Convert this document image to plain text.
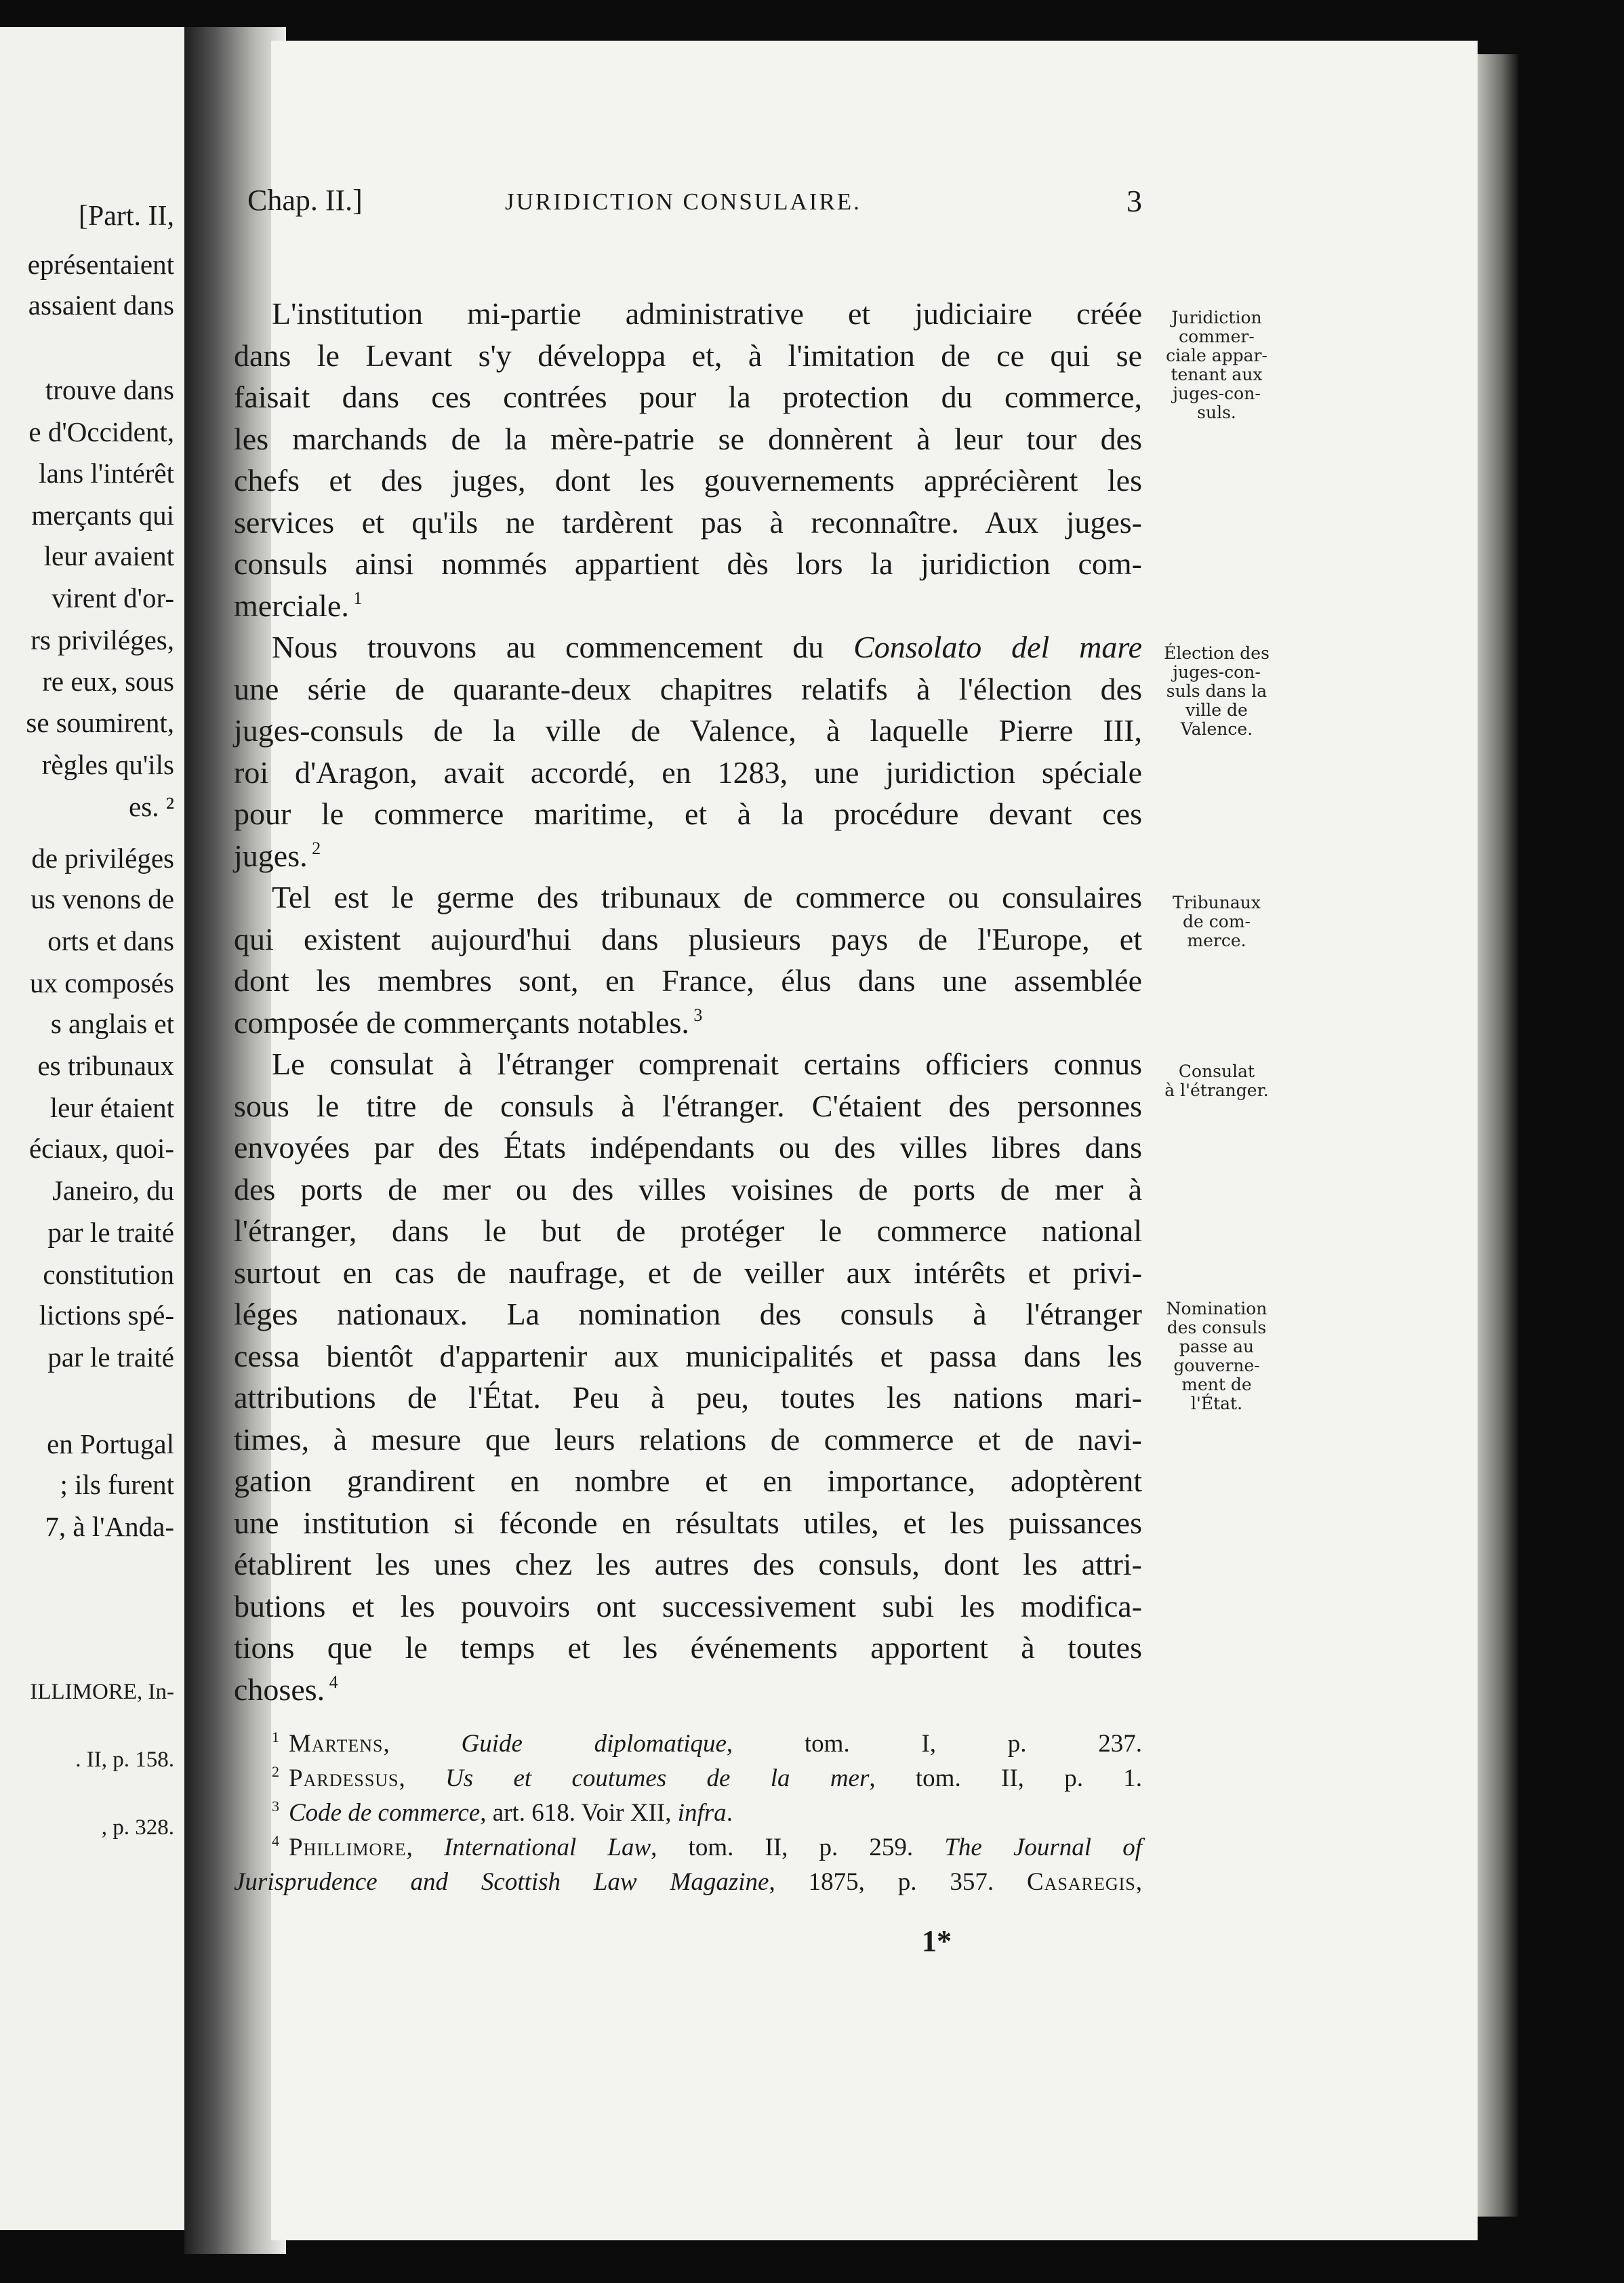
[Part. II,
eprésentaient
assaient dans
trouve dans
e d'Occident,
lans l'intérêt
merçants qui
leur avaient
virent d'or-
rs priviléges,
re eux, sous
se soumirent,
règles qu'ils
es. ²
de priviléges
us venons de
orts et dans
ux composés
s anglais et
es tribunaux
leur étaient
éciaux, quoi-
Janeiro, du
par le traité
constitution
lictions spé-
par le traité
en Portugal
; ils furent
7, à l'Anda-
ILLIMORE, In-
. II, p. 158.
, p. 328.
Chap. II.]	JURIDICTION CONSULAIRE.	3
L'institution mi-partie administrative et judiciaire créée
dans le Levant s'y développa et, à l'imitation de ce qui se
faisait dans ces contrées pour la protection du commerce,
les marchands de la mère-patrie se donnèrent à leur tour des
chefs et des juges, dont les gouvernements apprécièrent les
services et qu'ils ne tardèrent pas à reconnaître. Aux juges-
consuls ainsi nommés appartient dès lors la juridiction com-
merciale. $^1$
Nous trouvons au commencement du Consolato del mare
une série de quarante-deux chapitres relatifs à l'élection des
juges-consuls de la ville de Valence, à laquelle Pierre III,
roi d'Aragon, avait accordé, en 1283, une juridiction spéciale
pour le commerce maritime, et à la procédure devant ces
juges. $^2$
Tel est le germe des tribunaux de commerce ou consulaires
qui existent aujourd'hui dans plusieurs pays de l'Europe, et
dont les membres sont, en France, élus dans une assemblée
composée de commerçants notables. $^3$
Le consulat à l'étranger comprenait certains officiers connus
sous le titre de consuls à l'étranger. C'étaient des personnes
envoyées par des États indépendants ou des villes libres dans
des ports de mer ou des villes voisines de ports de mer à
l'étranger, dans le but de protéger le commerce national
surtout en cas de naufrage, et de veiller aux intérêts et privi-
léges nationaux. La nomination des consuls à l'étranger
cessa bientôt d'appartenir aux municipalités et passa dans les
attributions de l'État. Peu à peu, toutes les nations mari-
times, à mesure que leurs relations de commerce et de navi-
gation grandirent en nombre et en importance, adoptèrent
une institution si féconde en résultats utiles, et les puissances
établirent les unes chez les autres des consuls, dont les attri-
butions et les pouvoirs ont successivement subi les modifica-
tions que le temps et les événements apportent à toutes
choses. $^4$
Juridiction
commer-
ciale appar-
tenant aux
juges-con-
suls.
Élection des
juges-con-
suls dans la
ville de
Valence.
Tribunaux
de com-
merce.
Consulat
à l'étranger.
Nomination
des consuls
passe au
gouverne-
ment de
l'État.
$^1$ Martens, Guide diplomatique, tom. I, p. 237.
$^2$ Pardessus, Us et coutumes de la mer, tom. II, p. 1.
$^3$ Code de commerce, art. 618. Voir XII, infra.
$^4$ Phillimore, International Law, tom. II, p. 259. The Journal of
Jurisprudence and Scottish Law Magazine, 1875, p. 357. Casaregis,
1*
